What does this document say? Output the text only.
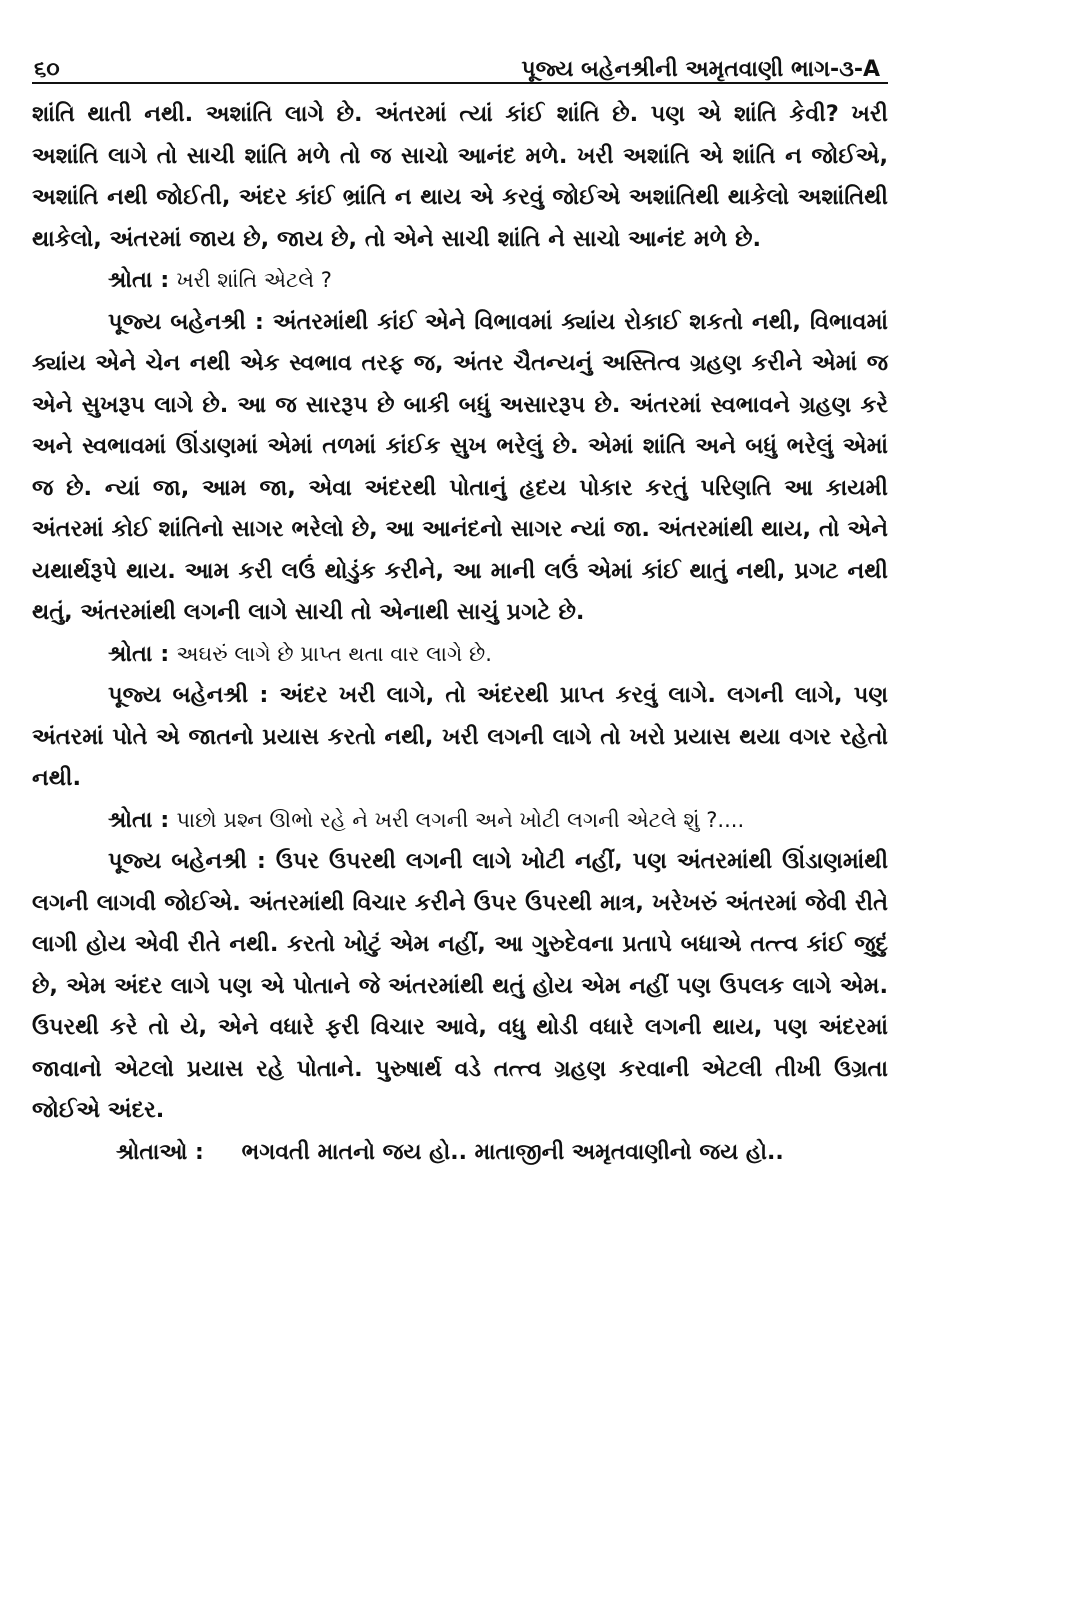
૬૦	પૂજ્ય બહેનશ્રીની અમૃતવાણી ભાગ-૩-A

શાંતિ થાતી નથી. અશાંતિ લાગે છે. અંતરમાં ત્યાં કાંઈ શાંતિ છે. પણ એ શાંતિ કેવી? ખરી અશાંતિ લાગે તો સાચી શાંતિ મળે તો જ સાચો આનંદ મળે. ખરી અશાંતિ એ શાંતિ ન જોઈએ, અશાંતિ નથી જોઈતી, અંદર કાંઈ ભ્રાંતિ ન થાય એ કરવું જોઈએ અશાંતિથી થાકેલો અશાંતિથી થાકેલો, અંતરમાં જાય છે, જાય છે, તો એને સાચી શાંતિ ને સાચો આનંદ મળે છે.

શ્રોતા : ખરી શાંતિ એટલે ?

પૂજ્ય બહેનશ્રી : અંતરમાંથી કાંઈ એને વિભાવમાં ક્યાંય રોકાઈ શકતો નથી, વિભાવમાં ક્યાંય એને ચેન નથી એક સ્વભાવ તરફ જ, અંતર ચૈતન્યનું અસ્તિત્વ ગ્રહણ કરીને એમાં જ એને સુખરૂપ લાગે છે. આ જ સારરૂપ છે બાકી બધું અસારરૂપ છે. અંતરમાં સ્વભાવને ગ્રહણ કરે અને સ્વભાવમાં ઊંડાણમાં એમાં તળમાં કાંઈક સુખ ભરેલું છે. એમાં શાંતિ અને બધું ભરેલું એમાં જ છે. ન્યાં જા, આમ જા, એવા અંદરથી પોતાનું હૃદય પોકાર કરતું પરિણતિ આ કાયમી અંતરમાં કોઈ શાંતિનો સાગર ભરેલો છે, આ આનંદનો સાગર ન્યાં જા. અંતરમાંથી થાય, તો એને યથાર્થરૂપે થાય. આમ કરી લઉં થોડુંક કરીને, આ માની લઉં એમાં કાંઈ થાતું નથી, પ્રગટ નથી થતું, અંતરમાંથી લગની લાગે સાચી તો એનાથી સાચું પ્રગટે છે.

શ્રોતા : અઘરું લાગે છે પ્રાપ્ત થતા વાર લાગે છે.

પૂજ્ય બહેનશ્રી : અંદર ખરી લાગે, તો અંદરથી પ્રાપ્ત કરવું લાગે. લગની લાગે, પણ અંતરમાં પોતે એ જાતનો પ્રયાસ કરતો નથી, ખરી લગની લાગે તો ખરો પ્રયાસ થયા વગર રહેતો નથી.

શ્રોતા : પાછો પ્રશ્ન ઊભો રહે ને ખરી લગની અને ખોટી લગની એટલે શું ?....

પૂજ્ય બહેનશ્રી : ઉપર ઉપરથી લગની લાગે ખોટી નહીં, પણ અંતરમાંથી ઊંડાણમાંથી લગની લાગવી જોઈએ. અંતરમાંથી વિચાર કરીને ઉપર ઉપરથી માત્ર, ખરેખરું અંતરમાં જેવી રીતે લાગી હોય એવી રીતે નથી. કરતો ખોટું એમ નહીં, આ ગુરુદેવના પ્રતાપે બધાએ તત્ત્વ કાંઈ જુદું છે, એમ અંદર લાગે પણ એ પોતાને જે અંતરમાંથી થતું હોય એમ નહીં પણ ઉપલક લાગે એમ. ઉપરથી કરે તો યે, એને વધારે ફરી વિચાર આવે, વધુ થોડી વધારે લગની થાય, પણ અંદરમાં જાવાનો એટલો પ્રયાસ રહે પોતાને. પુરુષાર્થ વડે તત્ત્વ ગ્રહણ કરવાની એટલી તીખી ઉગ્રતા જોઈએ અંદર.

શ્રોતાઓ : ભગવતી માતનો જય હો.. માતાજીની અમૃતવાણીનો જય હો..
